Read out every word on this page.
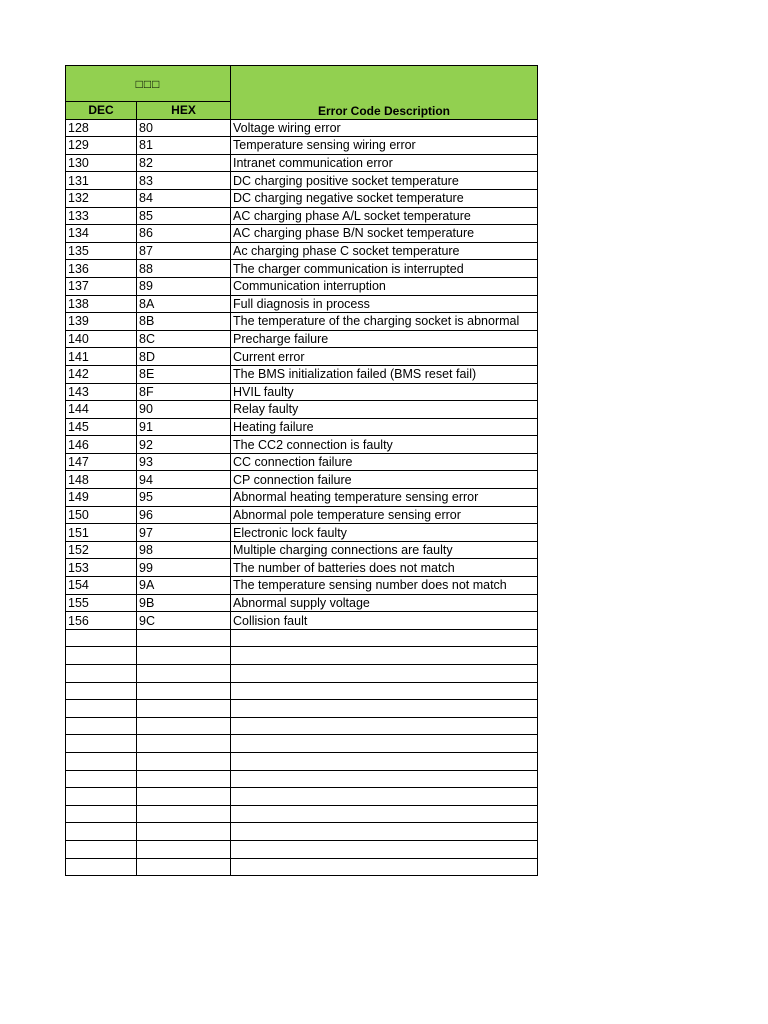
□□□		Error Code Description
DEC	HEX	
128	80	Voltage wiring error
129	81	Temperature sensing wiring error
130	82	Intranet communication error
131	83	DC charging positive socket temperature
132	84	DC charging negative socket temperature
133	85	AC charging phase A/L socket temperature
134	86	AC charging phase B/N socket temperature
135	87	Ac charging phase C socket temperature
136	88	The charger communication is interrupted
137	89	Communication interruption
138	8A	Full diagnosis in process
139	8B	The temperature of the charging socket is abnormal
140	8C	Precharge failure
141	8D	Current error
142	8E	The BMS initialization failed (BMS reset fail)
143	8F	HVIL faulty
144	90	Relay faulty
145	91	Heating failure
146	92	The CC2 connection is faulty
147	93	CC connection failure
148	94	CP connection failure
149	95	Abnormal heating temperature sensing error
150	96	Abnormal pole temperature sensing error
151	97	Electronic lock faulty
152	98	Multiple charging connections are faulty
153	99	The number of batteries does not match
154	9A	The temperature sensing number does not match
155	9B	Abnormal supply voltage
156	9C	Collision fault
